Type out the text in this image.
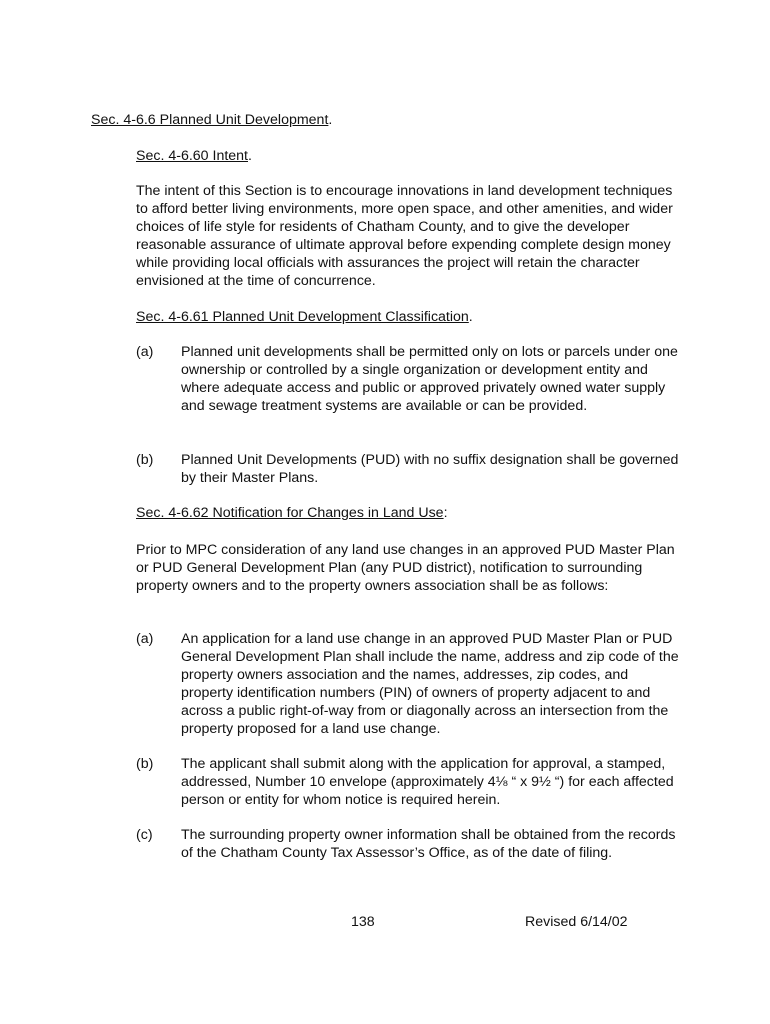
Sec. 4-6.6 Planned Unit Development.
Sec. 4-6.60 Intent.

The intent of this Section is to encourage innovations in land development techniques to afford better living environments, more open space, and other amenities, and wider choices of life style for residents of Chatham County, and to give the developer reasonable assurance of ultimate approval before expending complete design money while providing local officials with assurances the project will retain the character envisioned at the time of concurrence.

Sec. 4-6.61 Planned Unit Development Classification.
(a) Planned unit developments shall be permitted only on lots or parcels under one ownership or controlled by a single organization or development entity and where adequate access and public or approved privately owned water supply and sewage treatment systems are available or can be provided.
(b) Planned Unit Developments (PUD) with no suffix designation shall be governed by their Master Plans.
Sec. 4-6.62 Notification for Changes in Land Use:

Prior to MPC consideration of any land use changes in an approved PUD Master Plan or PUD General Development Plan (any PUD district), notification to surrounding property owners and to the property owners association shall be as follows:

(a) An application for a land use change in an approved PUD Master Plan or PUD General Development Plan shall include the name, address and zip code of the property owners association and the names, addresses, zip codes, and property identification numbers (PIN) of owners of property adjacent to and across a public right-of-way from or diagonally across an intersection from the property proposed for a land use change.
(b) The applicant shall submit along with the application for approval, a stamped, addressed, Number 10 envelope (approximately 4⅛ “ x 9½ “) for each affected person or entity for whom notice is required herein.
(c) The surrounding property owner information shall be obtained from the records of the Chatham County Tax Assessor’s Office, as of the date of filing.
138	Revised 6/14/02
